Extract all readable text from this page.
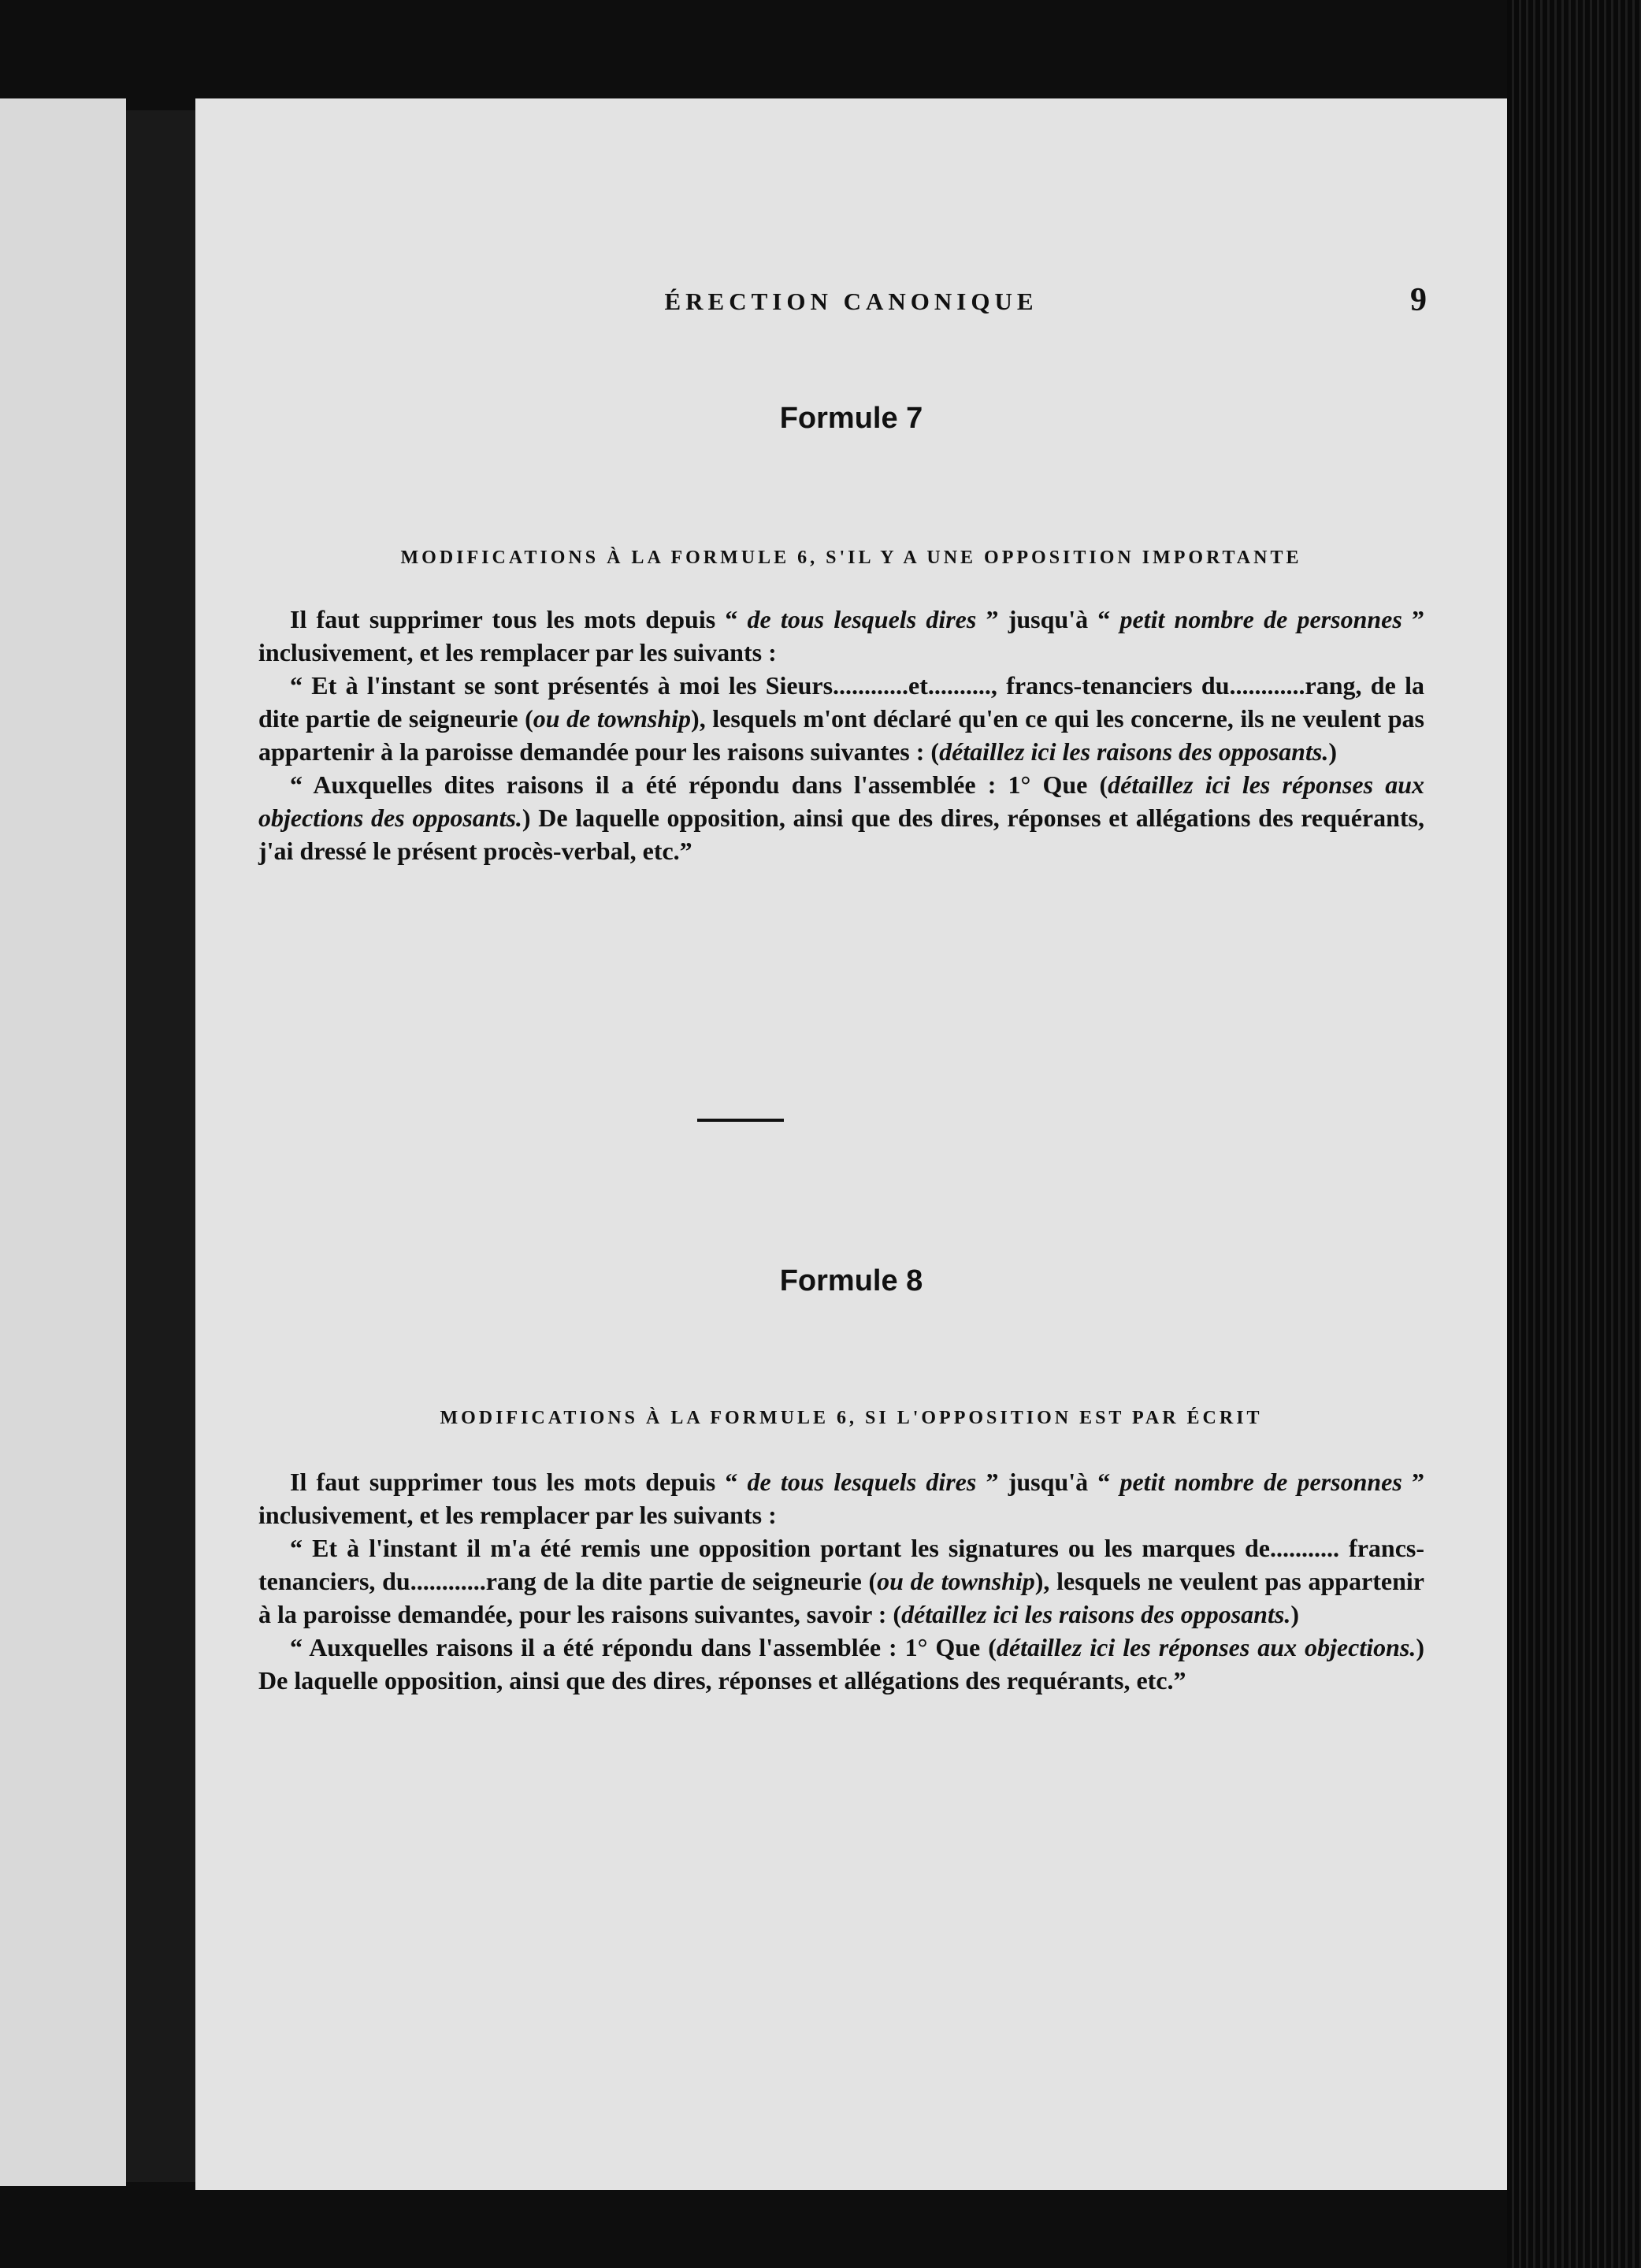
ÉRECTION CANONIQUE	9
Formule 7
MODIFICATIONS À LA FORMULE 6, S'IL Y A UNE OPPOSITION IMPORTANTE

Il faut supprimer tous les mots depuis “ de tous lesquels dires ” jusqu'à “ petit nombre de personnes ” inclusivement, et les remplacer par les suivants :

“ Et à l'instant se sont présentés à moi les Sieurs............et.........., francs-tenanciers du............rang, de la dite partie de seigneurie (ou de township), lesquels m'ont déclaré qu'en ce qui les concerne, ils ne veulent pas appartenir à la paroisse demandée pour les raisons suivantes : (détaillez ici les raisons des opposants.)

“ Auxquelles dites raisons il a été répondu dans l'assemblée : 1° Que (détaillez ici les réponses aux objections des opposants.) De laquelle opposition, ainsi que des dires, réponses et allégations des requérants, j'ai dressé le présent procès-verbal, etc.”

Formule 8
MODIFICATIONS À LA FORMULE 6, SI L'OPPOSITION EST PAR ÉCRIT

Il faut supprimer tous les mots depuis “ de tous lesquels dires ” jusqu'à “ petit nombre de personnes ” inclusivement, et les remplacer par les suivants :

“ Et à l'instant il m'a été remis une opposition portant les signatures ou les marques de........... francs-tenanciers, du............rang de la dite partie de seigneurie (ou de township), lesquels ne veulent pas appartenir à la paroisse demandée, pour les raisons suivantes, savoir : (détaillez ici les raisons des opposants.)

“ Auxquelles raisons il a été répondu dans l'assemblée : 1° Que (détaillez ici les réponses aux objections.) De laquelle opposition, ainsi que des dires, réponses et allégations des requérants, etc.”
